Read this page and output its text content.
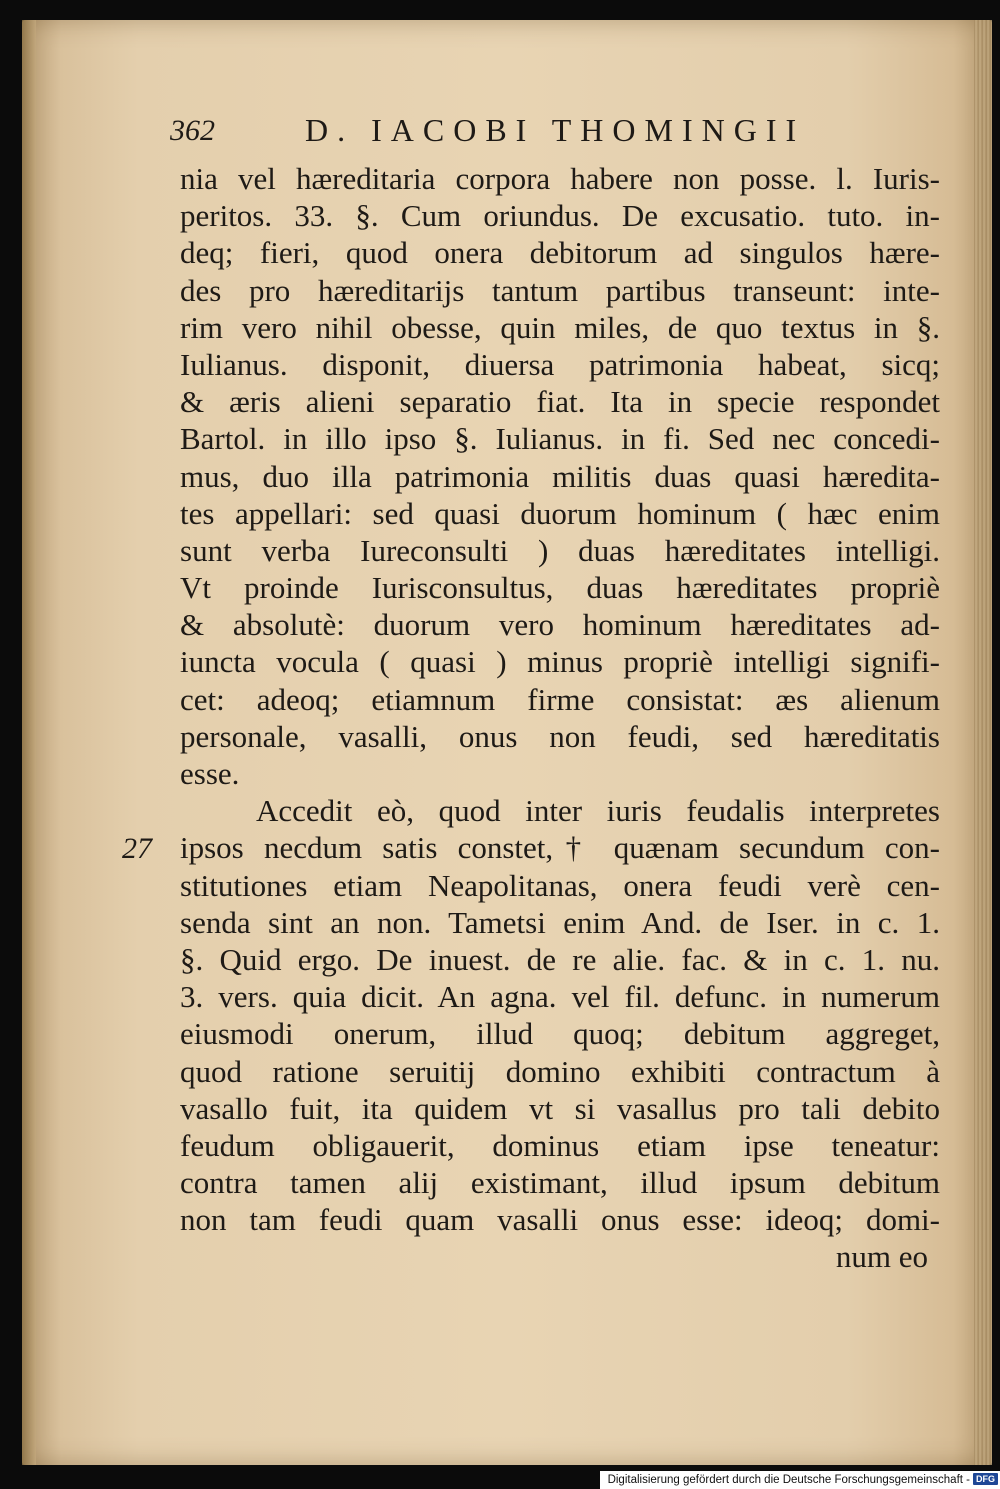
362	D. IACOBI THOMINGII
27
nia vel hæreditaria corpora habere non posse. l. Iuris-
peritos. 33. §. Cum oriundus. De excusatio. tuto. in-
deq; fieri, quod onera debitorum ad singulos hære-
des pro hæreditarijs tantum partibus transeunt: inte-
rim vero nihil obesse, quin miles, de quo textus in §.
Iulianus. disponit, diuersa patrimonia habeat, sicq;
& æris alieni separatio fiat. Ita in specie respondet
Bartol. in illo ipso §. Iulianus. in fi. Sed nec concedi-
mus, duo illa patrimonia militis duas quasi hæredita-
tes appellari: sed quasi duorum hominum ( hæc enim
sunt verba Iureconsulti ) duas hæreditates intelligi.
Vt proinde Iurisconsultus, duas hæreditates propriè
& absolutè: duorum vero hominum hæreditates ad-
iuncta vocula ( quasi ) minus propriè intelligi signifi-
cet: adeoq; etiamnum firme consistat: æs alienum
personale, vasalli, onus non feudi, sed hæreditatis
esse.
Accedit eò, quod inter iuris feudalis interpretes
ipsos necdum satis constet,† quænam secundum con-
stitutiones etiam Neapolitanas, onera feudi verè cen-
senda sint an non. Tametsi enim And. de Iser. in c. 1.
§. Quid ergo. De inuest. de re alie. fac. & in c. 1. nu.
3. vers. quia dicit. An agna. vel fil. defunc. in numerum
eiusmodi onerum, illud quoq; debitum aggreget,
quod ratione seruitij domino exhibiti contractum à
vasallo fuit, ita quidem vt si vasallus pro tali debito
feudum obligauerit, dominus etiam ipse teneatur:
contra tamen alij existimant, illud ipsum debitum
non tam feudi quam vasalli onus esse: ideoq; domi-
num eo
Digitalisierung gefördert durch die Deutsche Forschungsgemeinschaft - DFG
